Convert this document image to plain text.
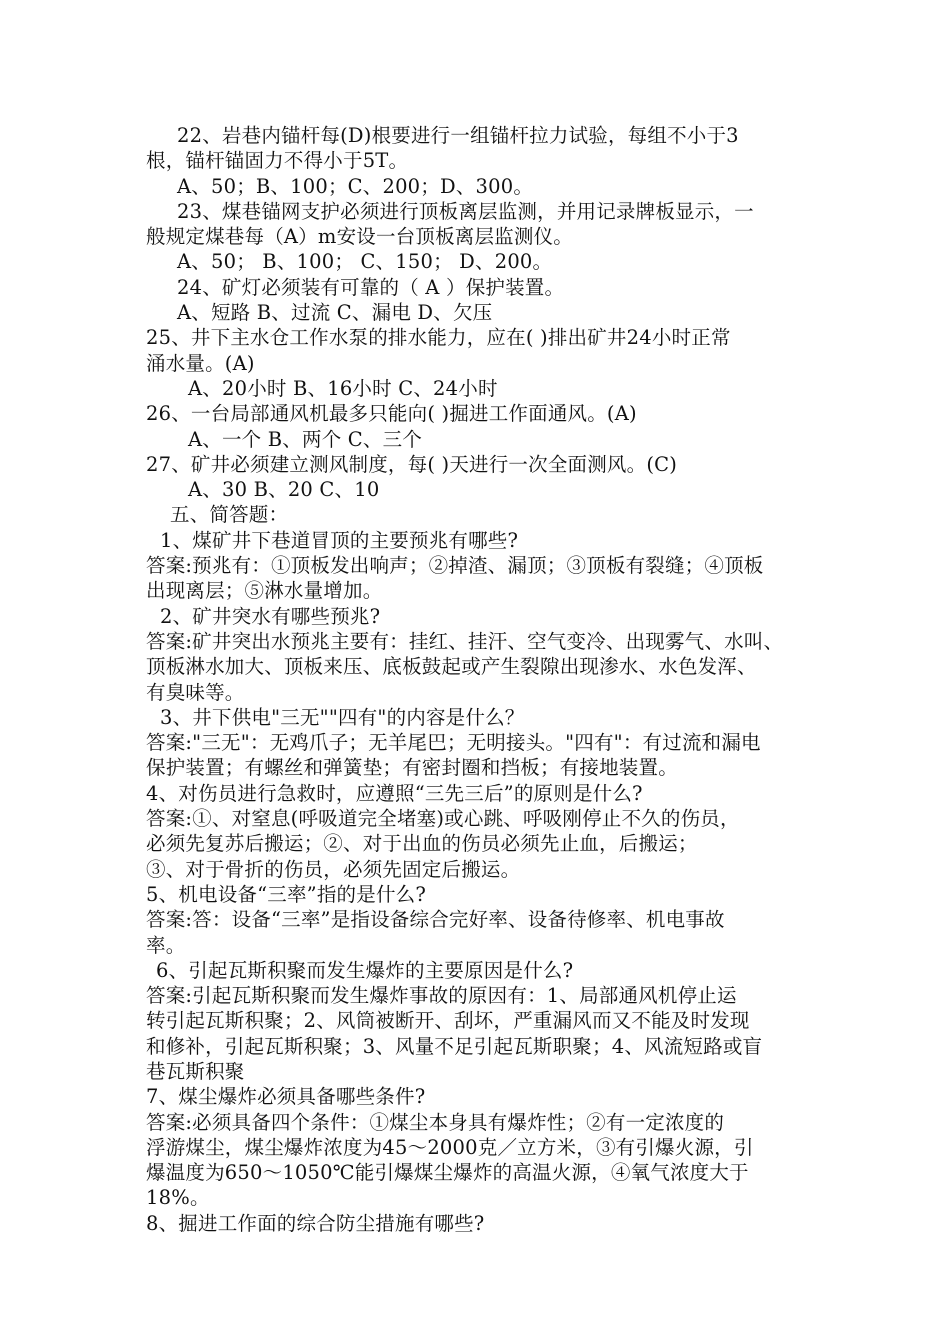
22、岩巷内锚杆每(D)根要进行一组锚杆拉力试验，每组不小于3
根，锚杆锚固力不得小于5T。
A、50；B、100；C、200；D、300。
23、煤巷锚网支护必须进行顶板离层监测，并用记录牌板显示，一
般规定煤巷每（A）m安设一台顶板离层监测仪。
A、50； B、100； C、150； D、200。
24、矿灯必须装有可靠的（ A ）保护装置。
A、短路 B、过流 C、漏电 D、欠压
25、井下主水仓工作水泵的排水能力，应在( )排出矿井24小时正常
涌水量。(A)
A、20小时 B、16小时 C、24小时
26、一台局部通风机最多只能向( )掘进工作面通风。(A)
A、一个 B、两个 C、三个
27、矿井必须建立测风制度，每( )天进行一次全面测风。(C)
A、30 B、20 C、10
五、简答题：
1、煤矿井下巷道冒顶的主要预兆有哪些?
答案:预兆有：①顶板发出响声；②掉渣、漏顶；③顶板有裂缝；④顶板
出现离层；⑤淋水量增加。
2、矿井突水有哪些预兆?
答案:矿井突出水预兆主要有：挂红、挂汗、空气变冷、出现雾气、水叫、
顶板淋水加大、顶板来压、底板鼓起或产生裂隙出现渗水、水色发浑、
有臭味等。
3、井下供电"三无""四有"的内容是什么？
答案:"三无"：无鸡爪子；无羊尾巴；无明接头。"四有"：有过流和漏电
保护装置；有螺丝和弹簧垫；有密封圈和挡板；有接地装置。
4、对伤员进行急救时，应遵照“三先三后”的原则是什么?
答案:①、对窒息(呼吸道完全堵塞)或心跳、呼吸刚停止不久的伤员，
必须先复苏后搬运；②、对于出血的伤员必须先止血，后搬运；
③、对于骨折的伤员，必须先固定后搬运。
5、机电设备“三率”指的是什么?
答案:答：设备“三率”是指设备综合完好率、设备待修率、机电事故
率。
6、引起瓦斯积聚而发生爆炸的主要原因是什么?
答案:引起瓦斯积聚而发生爆炸事故的原因有：1、局部通风机停止运
转引起瓦斯积聚；2、风筒被断开、刮坏，严重漏风而又不能及时发现
和修补，引起瓦斯积聚；3、风量不足引起瓦斯职聚；4、风流短路或盲
巷瓦斯积聚
7、煤尘爆炸必须具备哪些条件?
答案:必须具备四个条件：①煤尘本身具有爆炸性；②有一定浓度的
浮游煤尘，煤尘爆炸浓度为45～2000克／立方米，③有引爆火源，引
爆温度为650～1050℃能引爆煤尘爆炸的高温火源，④氧气浓度大于
18%。
8、掘进工作面的综合防尘措施有哪些?
